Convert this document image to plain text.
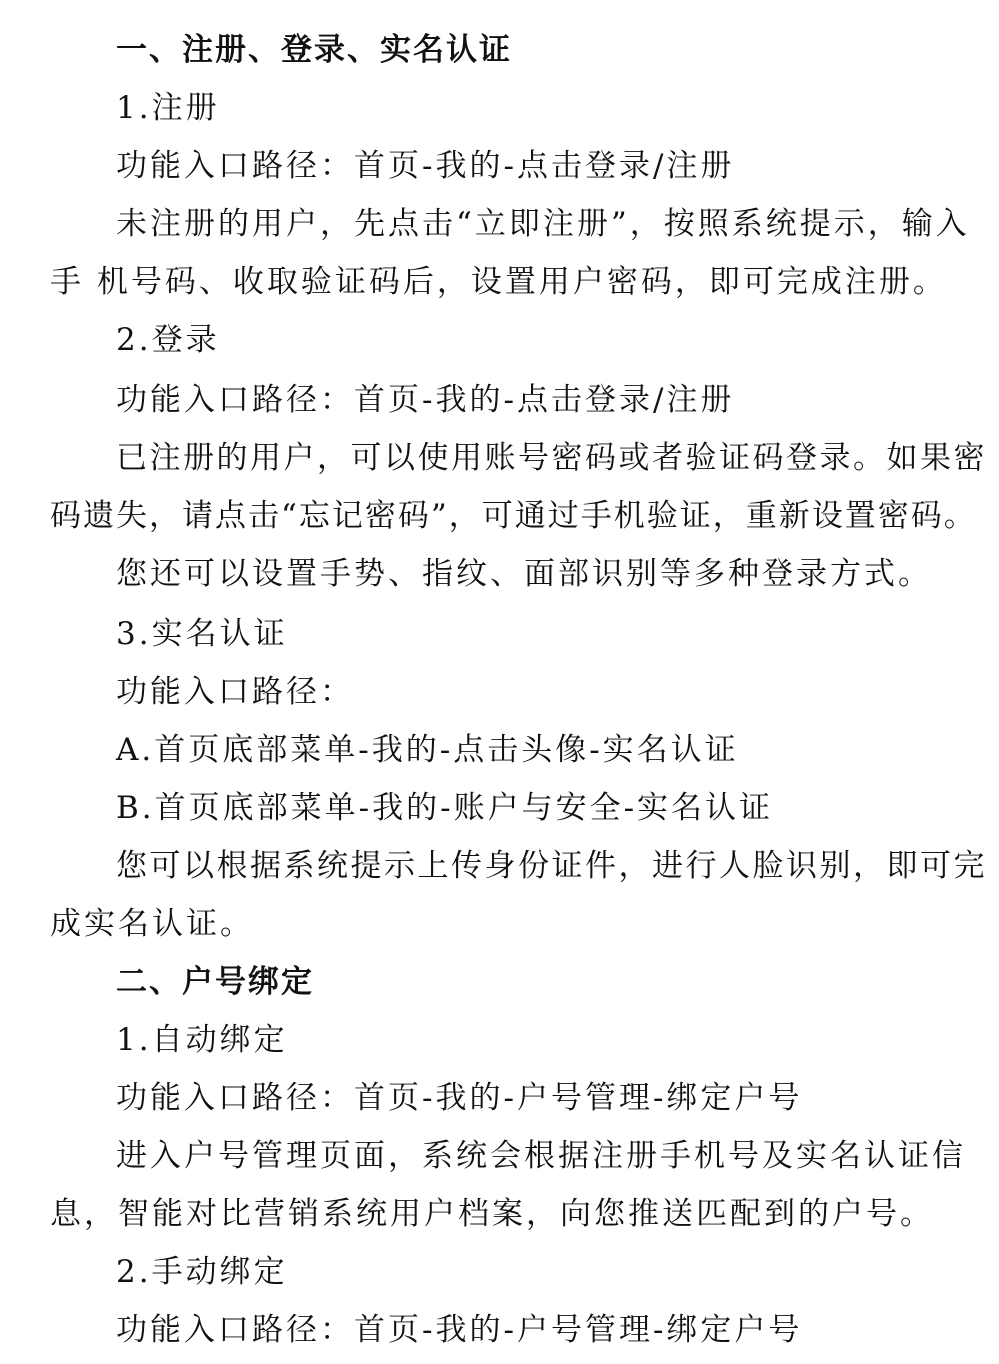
一、注册、登录、实名认证
1.注册
功能入口路径：首页-我的-点击登录/注册
未注册的用户，先点击“立即注册”，按照系统提示，输入
手 机号码、收取验证码后，设置用户密码，即可完成注册。
2.登录
功能入口路径：首页-我的-点击登录/注册
已注册的用户，可以使用账号密码或者验证码登录。如果密
码遗失，请点击“忘记密码”，可通过手机验证，重新设置密码。
您还可以设置手势、指纹、面部识别等多种登录方式。
3.实名认证
功能入口路径：
A.首页底部菜单-我的-点击头像-实名认证
B.首页底部菜单-我的-账户与安全-实名认证
您可以根据系统提示上传身份证件，进行人脸识别，即可完
成实名认证。
二、户号绑定
1.自动绑定
功能入口路径：首页-我的-户号管理-绑定户号
进入户号管理页面，系统会根据注册手机号及实名认证信
息，智能对比营销系统用户档案，向您推送匹配到的户号。
2.手动绑定
功能入口路径：首页-我的-户号管理-绑定户号
